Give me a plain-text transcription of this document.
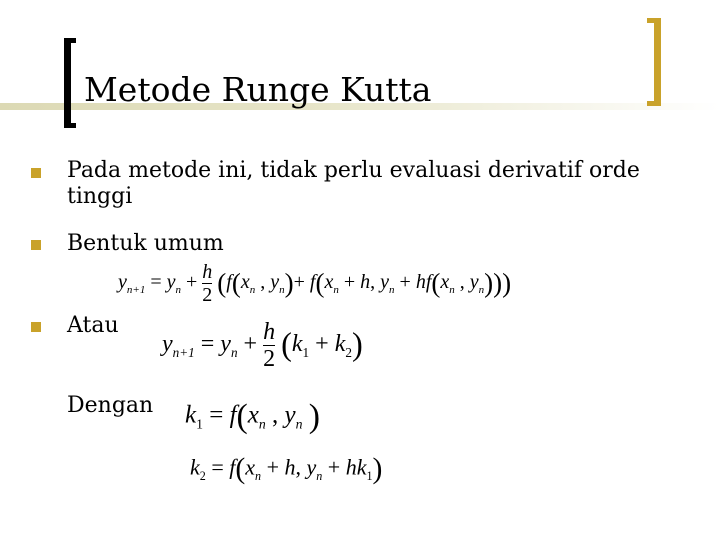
Metode Runge Kutta
Pada metode ini, tidak perlu evaluasi derivatif orde tinggi
Bentuk umum
$y_{n+1} = y_n + \frac{h}{2} (f(x_n$ , $y_n)+ f(x_n + h$, $y_n + hf(x_n$ , $y_n$)))
Atau
$y_{n+1} = y_n + \frac{h}{2} (k_1 + k_2)$
Dengan $k_1 = f(x_n$ , $y_n$ )
$k_2 = f(x_n + h$, $y_n + hk_1$)
